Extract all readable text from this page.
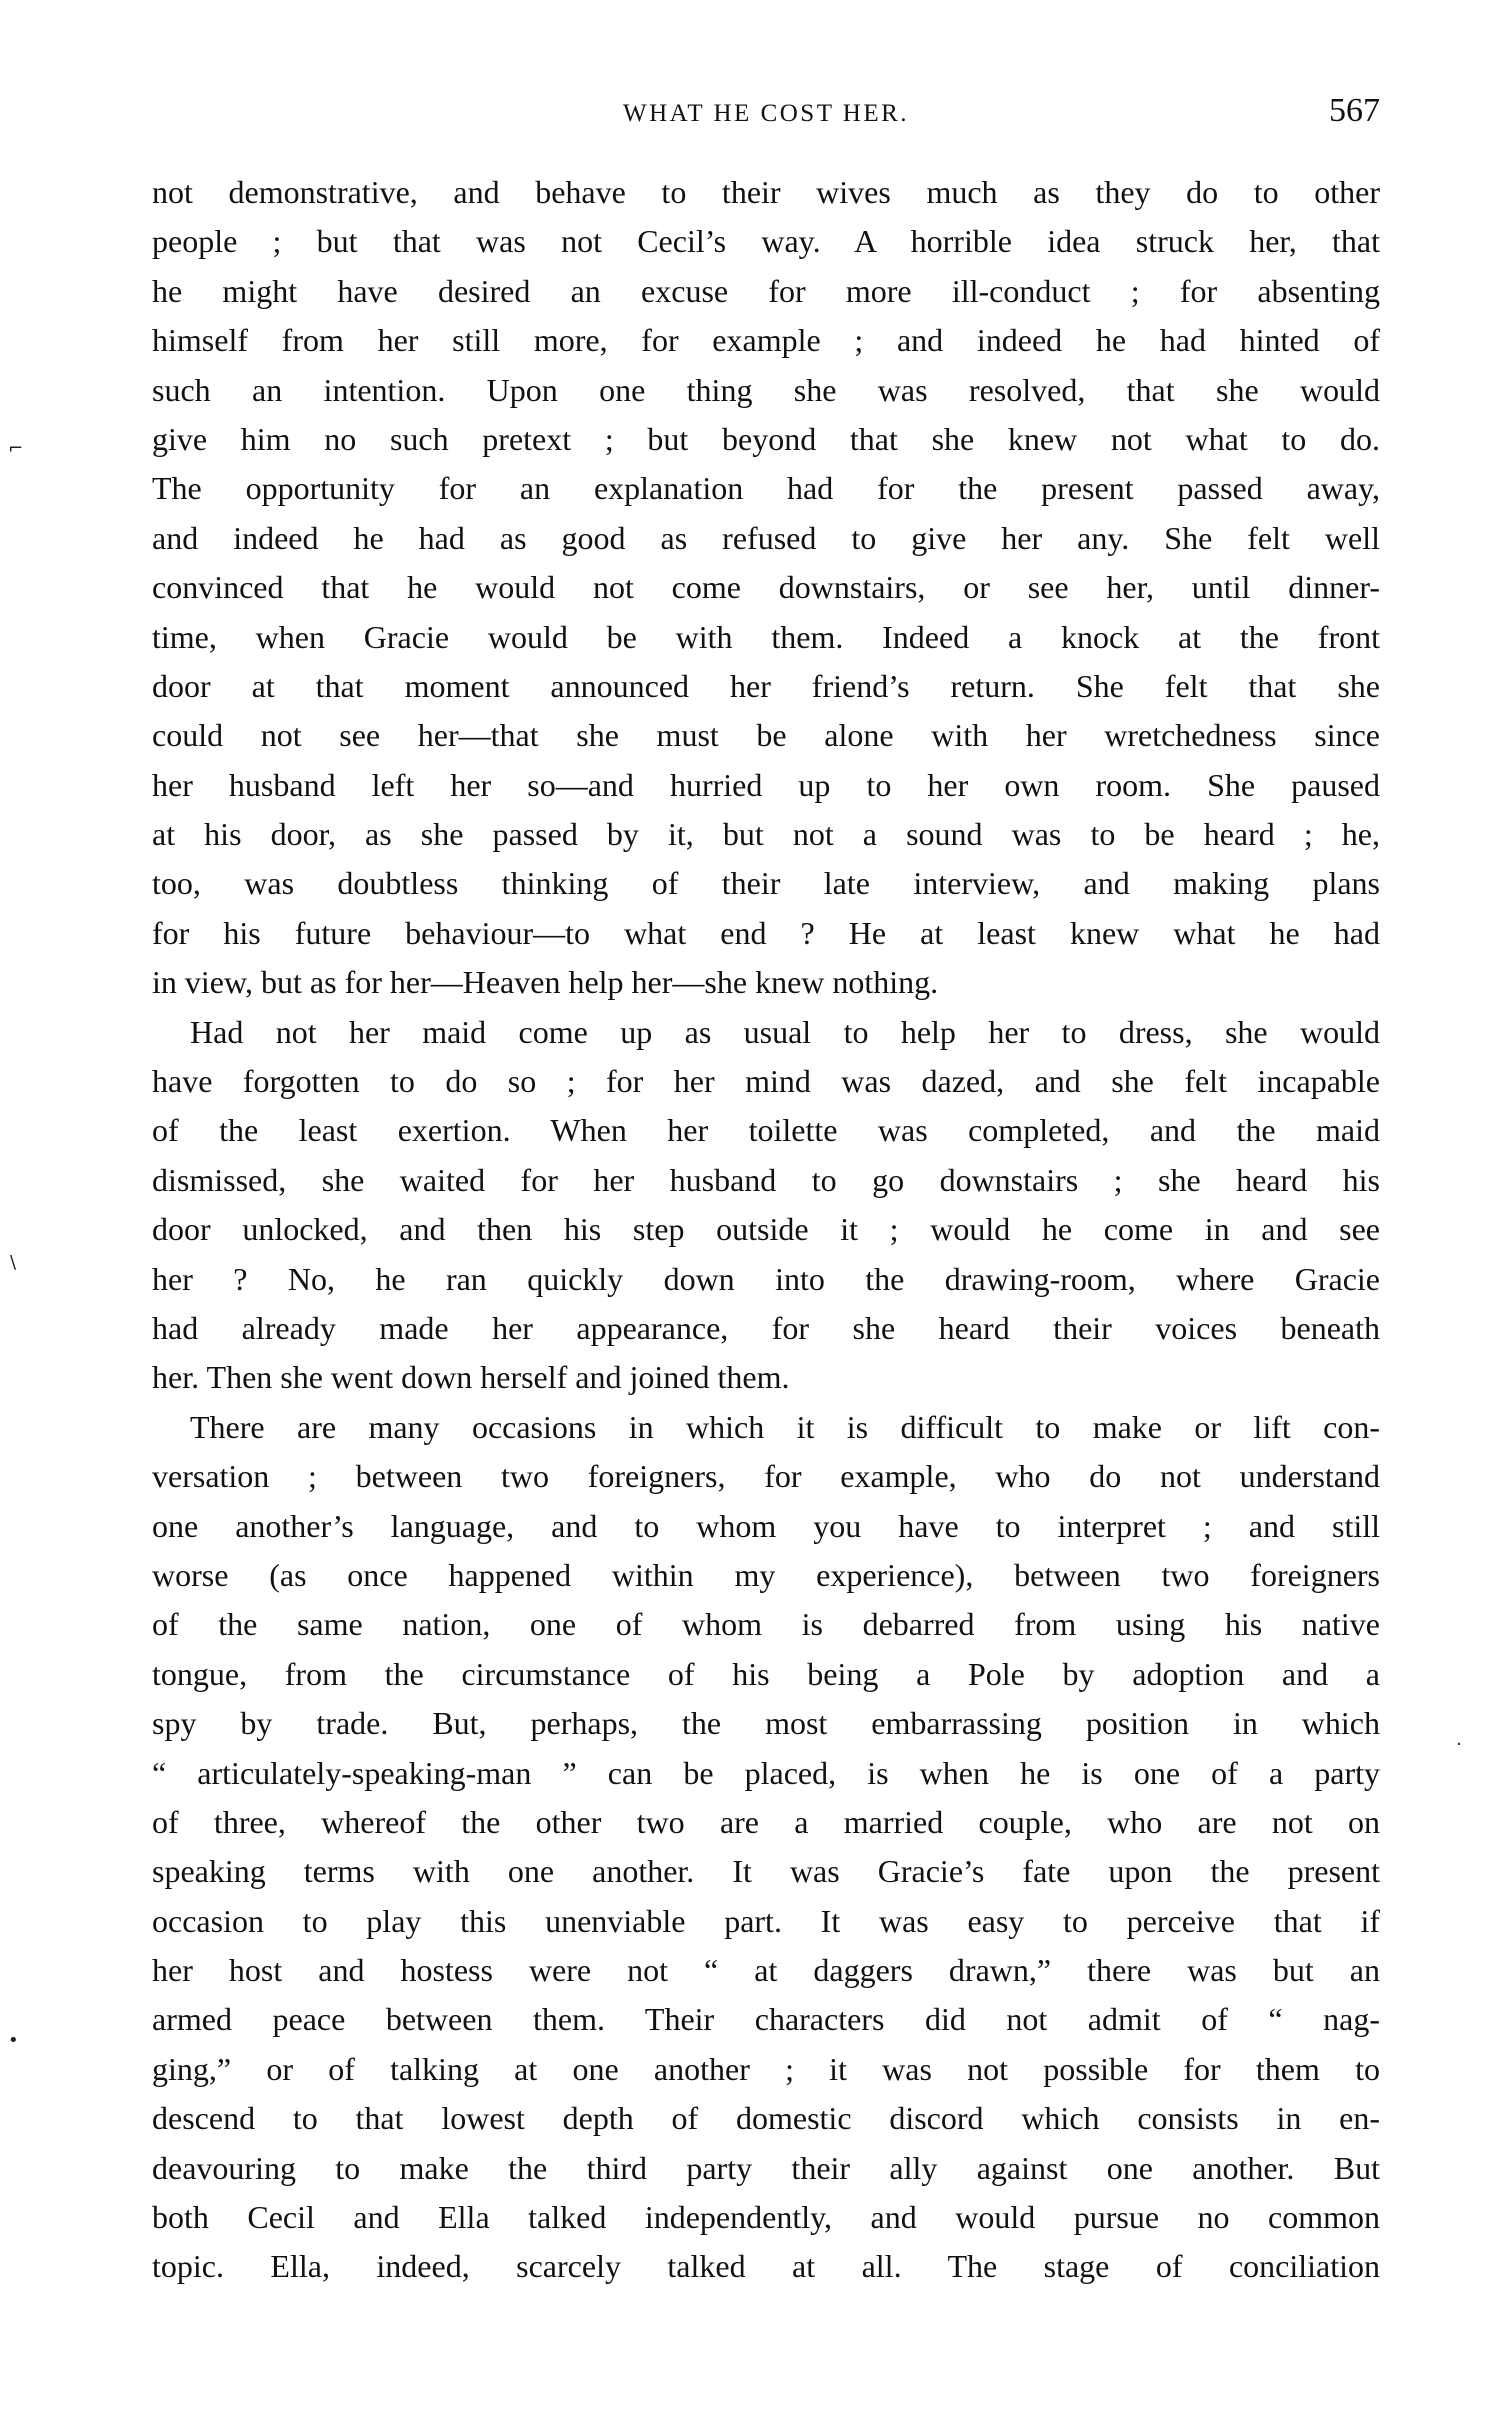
WHAT HE COST HER.	567
not demonstrative, and behave to their wives much as they do to other
people ; but that was not Cecil’s way. A horrible idea struck her, that
he might have desired an excuse for more ill-conduct ; for absenting
himself from her still more, for example ; and indeed he had hinted of
such an intention. Upon one thing she was resolved, that she would
give him no such pretext ; but beyond that she knew not what to do.
The opportunity for an explanation had for the present passed away,
and indeed he had as good as refused to give her any. She felt well
convinced that he would not come downstairs, or see her, until dinner-
time, when Gracie would be with them. Indeed a knock at the front
door at that moment announced her friend’s return. She felt that she
could not see her—that she must be alone with her wretchedness since
her husband left her so—and hurried up to her own room. She paused
at his door, as she passed by it, but not a sound was to be heard ; he,
too, was doubtless thinking of their late interview, and making plans
for his future behaviour—to what end ? He at least knew what he had
in view, but as for her—Heaven help her—she knew nothing.
Had not her maid come up as usual to help her to dress, she would
have forgotten to do so ; for her mind was dazed, and she felt incapable
of the least exertion. When her toilette was completed, and the maid
dismissed, she waited for her husband to go downstairs ; she heard his
door unlocked, and then his step outside it ; would he come in and see
her ? No, he ran quickly down into the drawing-room, where Gracie
had already made her appearance, for she heard their voices beneath
her. Then she went down herself and joined them.
There are many occasions in which it is difficult to make or lift con-
versation ; between two foreigners, for example, who do not understand
one another’s language, and to whom you have to interpret ; and still
worse (as once happened within my experience), between two foreigners
of the same nation, one of whom is debarred from using his native
tongue, from the circumstance of his being a Pole by adoption and a
spy by trade. But, perhaps, the most embarrassing position in which
“ articulately-speaking-man ” can be placed, is when he is one of a party
of three, whereof the other two are a married couple, who are not on
speaking terms with one another. It was Gracie’s fate upon the present
occasion to play this unenviable part. It was easy to perceive that if
her host and hostess were not “ at daggers drawn,” there was but an
armed peace between them. Their characters did not admit of “ nag-
ging,” or of talking at one another ; it was not possible for them to
descend to that lowest depth of domestic discord which consists in en-
deavouring to make the third party their ally against one another. But
both Cecil and Ella talked independently, and would pursue no common
topic. Ella, indeed, scarcely talked at all. The stage of conciliation
⌐
\
•
·
